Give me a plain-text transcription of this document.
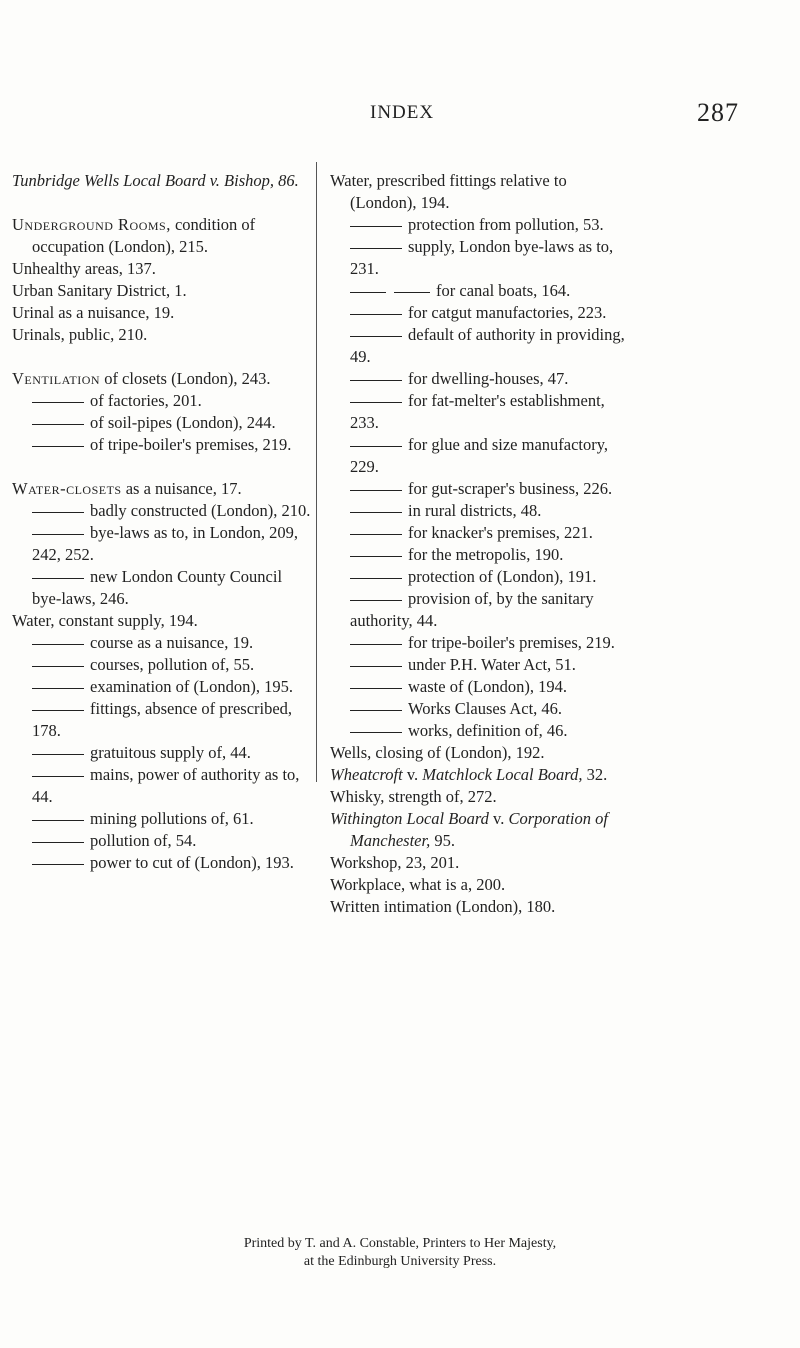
INDEX	287

Tunbridge Wells Local Board v. Bishop, 86.

Underground Rooms, condition of occupation (London), 215.

Unhealthy areas, 137.

Urban Sanitary District, 1.

Urinal as a nuisance, 19.

Urinals, public, 210.

Ventilation of closets (London), 243.

of factories, 201.

of soil-pipes (London), 244.

of tripe-boiler's premises, 219.

Water-closets as a nuisance, 17.

badly constructed (London), 210.

bye-laws as to, in London, 209, 242, 252.

new London County Council bye-laws, 246.

Water, constant supply, 194.

course as a nuisance, 19.

courses, pollution of, 55.

examination of (London), 195.

fittings, absence of prescribed, 178.

gratuitous supply of, 44.

mains, power of authority as to, 44.

mining pollutions of, 61.

pollution of, 54.

power to cut of (London), 193.

Water, prescribed fittings relative to (London), 194.

protection from pollution, 53.

supply, London bye-laws as to, 231.

for canal boats, 164.

for catgut manufactories, 223.

default of authority in providing, 49.

for dwelling-houses, 47.

for fat-melter's establishment, 233.

for glue and size manufactory, 229.

for gut-scraper's business, 226.

in rural districts, 48.

for knacker's premises, 221.

for the metropolis, 190.

protection of (London), 191.

provision of, by the sanitary authority, 44.

for tripe-boiler's premises, 219.

under P.H. Water Act, 51.

waste of (London), 194.

Works Clauses Act, 46.

works, definition of, 46.

Wells, closing of (London), 192.

Wheatcroft v. Matchlock Local Board, 32.

Whisky, strength of, 272.

Withington Local Board v. Corporation of Manchester, 95.

Workshop, 23, 201.

Workplace, what is a, 200.

Written intimation (London), 180.

Printed by T. and A. Constable, Printers to Her Majesty,
at the Edinburgh University Press.
